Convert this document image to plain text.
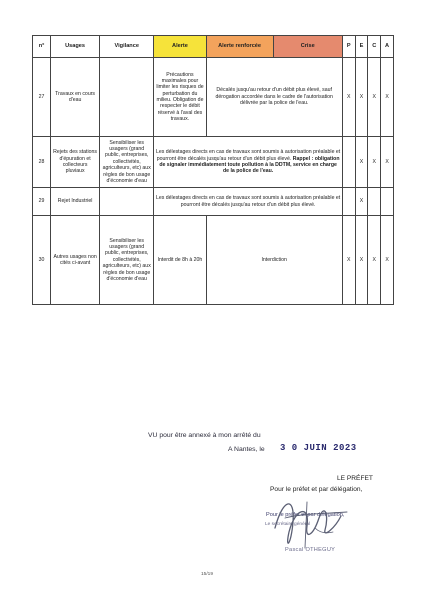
n°	Usages	Vigilance	Alerte	Alerte renforcée	Crise	P	E	C	A
27	Travaux en cours d'eau		Précautions maximales pour limiter les risques de perturbation du milieu. Obligation de respecter le débit réservé à l'aval des travaux.	Décalés jusqu'au retour d'un débit plus élevé, sauf dérogation accordée dans le cadre de l'autorisation délivrée par la police de l'eau.		X	X	X	X
28	Rejets des stations d'épuration et collecteurs pluviaux	Sensibiliser les usagers (grand public, entreprises, collectivités, agriculteurs, etc) aux règles de bon usage d'économie d'eau	Les délestages directs en cas de travaux sont soumis à autorisation préalable et pourront être décalés jusqu'au retour d'un débit plus élevé. Rappel : obligation de signaler immédiatement toute pollution à la DDTM, service en charge de la police de l'eau.				X	X	X
29	Rejet Industriel		Les délestages directs en cas de travaux sont soumis à autorisation préalable et pourront être décalés jusqu'au retour d'un débit plus élevé.				X		
30	Autres usages non cités ci-avant	Sensibiliser les usagers (grand public, entreprises, collectivités, agriculteurs, etc) aux règles de bon usage d'économie d'eau	Interdit de 8h à 20h	Interdiction		X	X	X	X
VU pour être annexé à mon arrêté du
A Nantes, le 3 0 JUIN 2023
LE PRÉFET
Pour le préfet et par délégation,
Pour le préfet et par délégation,
Le secrétaire général
Pascal OTHEGUY
15/19
